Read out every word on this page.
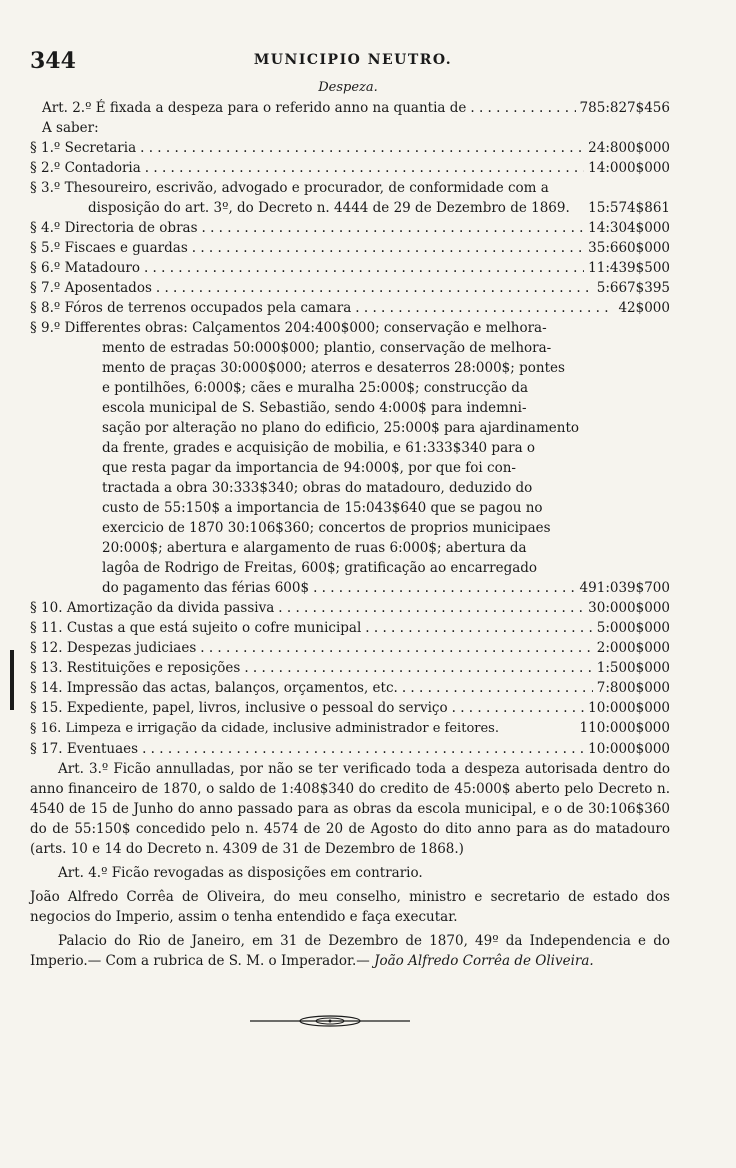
344	MUNICIPIO NEUTRO.
Despeza.
Art. 2.º É fixada a despeza para o referido anno na quantia de . . .	785:827$456
A saber:
§ 1.º Secretaria . . .	24:800$000
§ 2.º Contadoria . . .	14:000$000
§ 3.º Thesoureiro, escrivão, advogado e procurador, de conformidade com a
disposição do art. 3º, do Decreto n. 4444 de 29 de Dezembro de 1869. 15:574$861
§ 4.º Directoria de obras . . .	14:304$000
§ 5.º Fiscaes e guardas . . .	35:660$000
§ 6.º Matadouro . . .	11:439$500
§ 7.º Aposentados . . .	5:667$395
§ 8.º Fóros de terrenos occupados pela camara . . .	42$000
§ 9.º Differentes obras: Calçamentos 204:400$000; conservação e melhora-
mento de estradas 50:000$000; plantio, conservação de melhora-
mento de praças 30:000$000; aterros e desaterros 28:000$; pontes
e pontilhões, 6:000$; cães e muralha 25:000$; construcção da
escola municipal de S. Sebastião, sendo 4:000$ para indemni-
sação por alteração no plano do edificio, 25:000$ para ajardinamento
da frente, grades e acquisição de mobilia, e 61:333$340 para o
que resta pagar da importancia de 94:000$, por que foi con-
tractada a obra 30:333$340; obras do matadouro, deduzido do
custo de 55:150$ a importancia de 15:043$640 que se pagou no
exercicio de 1870 30:106$360; concertos de proprios municipaes
20:000$; abertura e alargamento de ruas 6:000$; abertura da
lagôa de Rodrigo de Freitas, 600$; gratificação ao encarregado
do pagamento das férias 600$ . . .	491:039$700
§ 10. Amortização da divida passiva . . .	30:000$000
§ 11. Custas a que está sujeito o cofre municipal . . .	5:000$000
§ 12. Despezas judiciaes . . .	2:000$000
§ 13. Restituições e reposições . . .	1:500$000
§ 14. Impressão das actas, balanços, orçamentos, etc. . . .	7:800$000
§ 15. Expediente, papel, livros, inclusive o pessoal do serviço . . .	10:000$000
§ 16. Limpeza e irrigação da cidade, inclusive administrador e feitores.	110:000$000
§ 17. Eventuaes . . .	10:000$000
Art. 3.º Ficão annulladas, por não se ter verificado toda a despeza autorisada dentro do anno financeiro de 1870, o saldo de 1:408$340 do credito de 45:000$ aberto pelo Decreto n. 4540 de 15 de Junho do anno passado para as obras da escola municipal, e o de 30:106$360 do de 55:150$ concedido pelo n. 4574 de 20 de Agosto do dito anno para as do matadouro (arts. 10 e 14 do Decreto n. 4309 de 31 de Dezembro de 1868.)
Art. 4.º Ficão revogadas as disposições em contrario.
João Alfredo Corrêa de Oliveira, do meu conselho, ministro e secretario de estado dos negocios do Imperio, assim o tenha entendido e faça executar.
Palacio do Rio de Janeiro, em 31 de Dezembro de 1870, 49º da Independencia e do Imperio.— Com a rubrica de S. M. o Imperador.— João Alfredo Corrêa de Oliveira.
